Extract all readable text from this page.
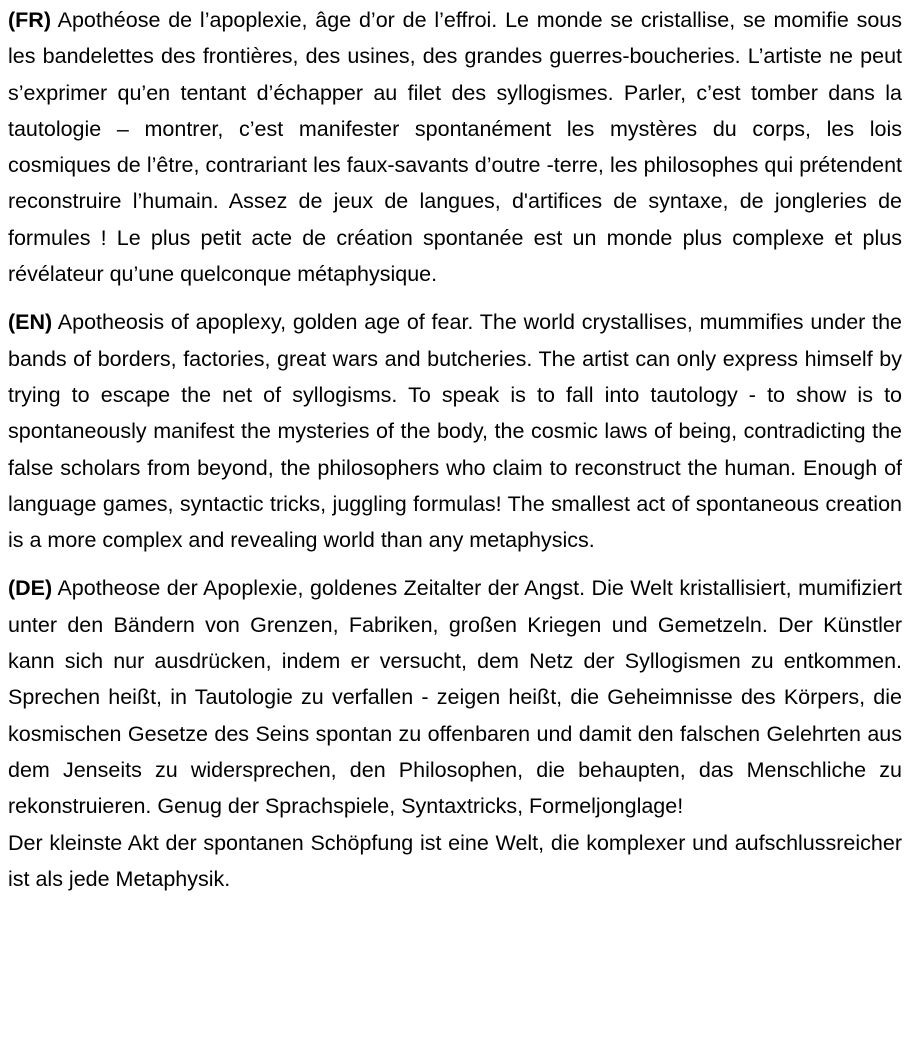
(FR) Apothéose de l’apoplexie, âge d’or de l’effroi. Le monde se cristallise, se momifie sous les bandelettes des frontières, des usines, des grandes guerres-boucheries. L’artiste ne peut s’exprimer qu’en tentant d’échapper au filet des syllogismes. Parler, c’est tomber dans la tautologie – montrer, c’est manifester spontanément les mystères du corps, les lois cosmiques de l’être, contrariant les faux-savants d’outre -terre, les philosophes qui prétendent reconstruire l’humain. Assez de jeux de langues, d'artifices de syntaxe, de jongleries de formules ! Le plus petit acte de création spontanée est un monde plus complexe et plus révélateur qu’une quelconque métaphysique.

(EN) Apotheosis of apoplexy, golden age of fear. The world crystallises, mummifies under the bands of borders, factories, great wars and butcheries. The artist can only express himself by trying to escape the net of syllogisms. To speak is to fall into tautology - to show is to spontaneously manifest the mysteries of the body, the cosmic laws of being, contradicting the false scholars from beyond, the philosophers who claim to reconstruct the human. Enough of language games, syntactic tricks, juggling formulas! The smallest act of spontaneous creation is a more complex and revealing world than any metaphysics.

(DE) Apotheose der Apoplexie, goldenes Zeitalter der Angst. Die Welt kristallisiert, mumifiziert unter den Bändern von Grenzen, Fabriken, großen Kriegen und Gemetzeln. Der Künstler kann sich nur ausdrücken, indem er versucht, dem Netz der Syllogismen zu entkommen. Sprechen heißt, in Tautologie zu verfallen - zeigen heißt, die Geheimnisse des Körpers, die kosmischen Gesetze des Seins spontan zu offenbaren und damit den falschen Gelehrten aus dem Jenseits zu widersprechen, den Philosophen, die behaupten, das Menschliche zu rekonstruieren. Genug der Sprachspiele, Syntaxtricks, Formeljonglage!

Der kleinste Akt der spontanen Schöpfung ist eine Welt, die komplexer und aufschlussreicher ist als jede Metaphysik.
